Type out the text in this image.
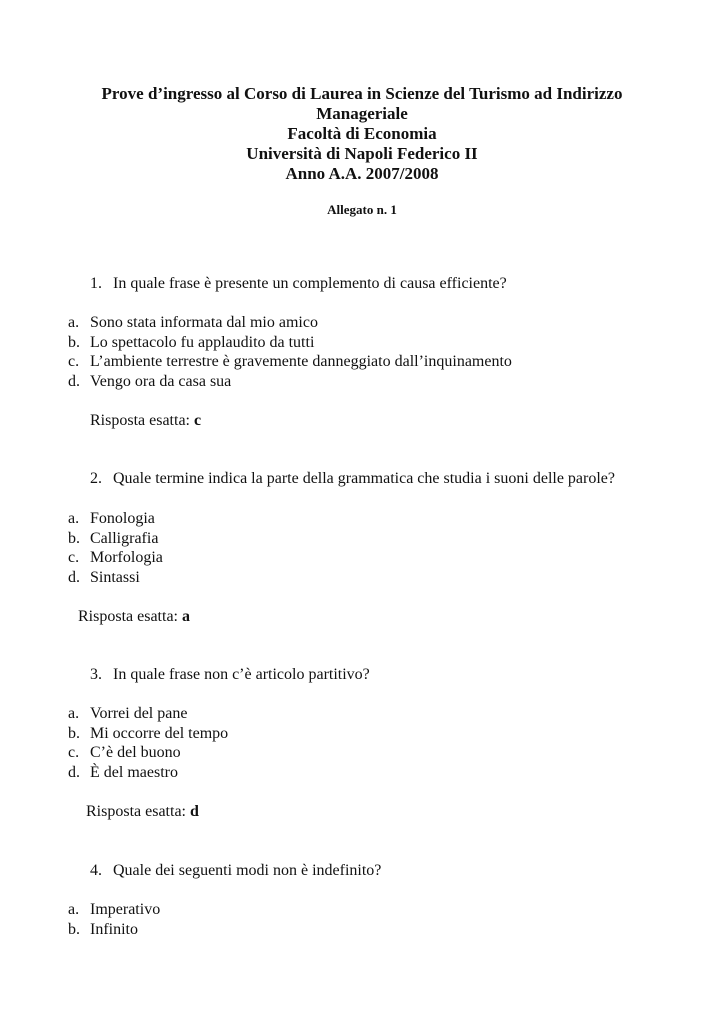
Prove d’ingresso al Corso di Laurea in Scienze del Turismo ad Indirizzo
Manageriale
Facoltà di Economia
Università di Napoli Federico II
Anno A.A. 2007/2008
Allegato n. 1
1. In quale frase è presente un complemento di causa efficiente?
a. Sono stata informata dal mio amico
b. Lo spettacolo fu applaudito da tutti
c. L’ambiente terrestre è gravemente danneggiato dall’inquinamento
d. Vengo ora da casa sua
Risposta esatta: c
2. Quale termine indica la parte della grammatica che studia i suoni delle parole?
a. Fonologia
b. Calligrafia
c. Morfologia
d. Sintassi
Risposta esatta: a
3. In quale frase non c’è articolo partitivo?
a. Vorrei del pane
b. Mi occorre del tempo
c. C’è del buono
d. È del maestro
Risposta esatta: d
4. Quale dei seguenti modi non è indefinito?
a. Imperativo
b. Infinito
